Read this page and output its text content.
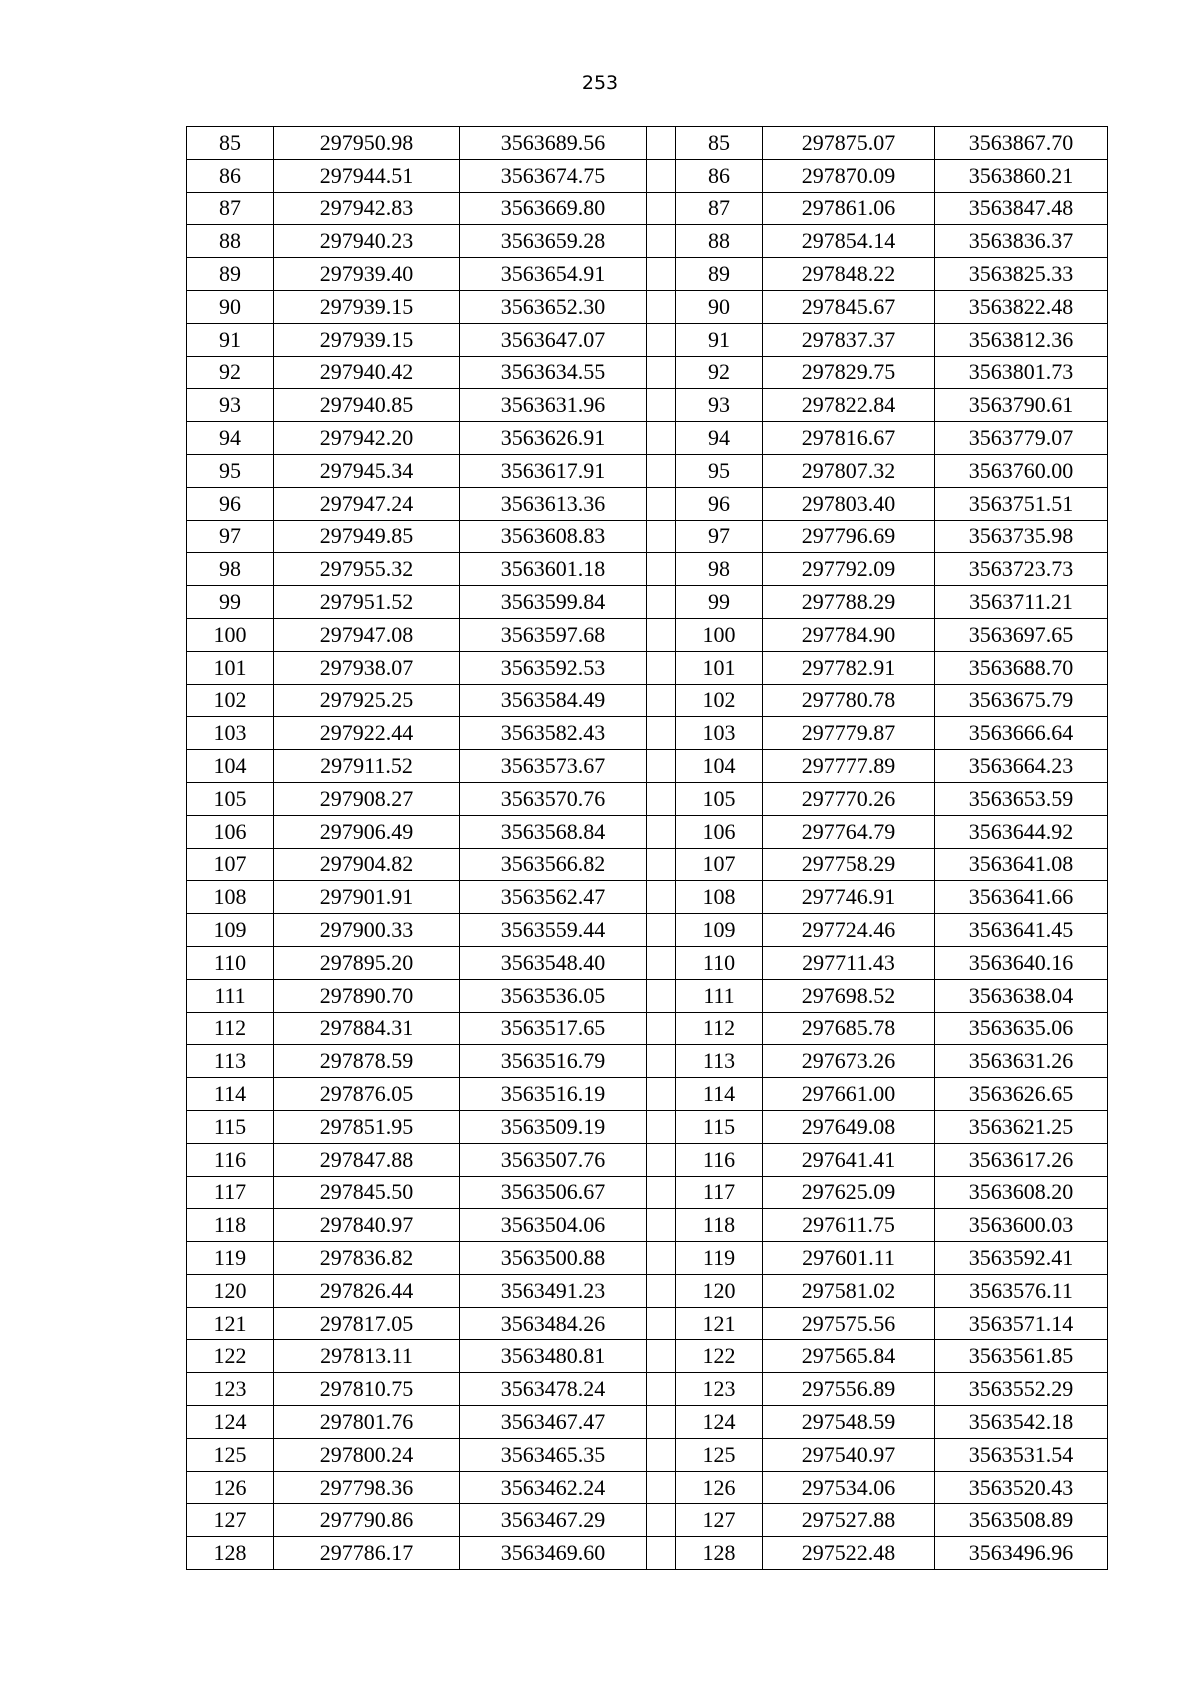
253
85	297950.98	3563689.56		85	297875.07	3563867.70
86	297944.51	3563674.75		86	297870.09	3563860.21
87	297942.83	3563669.80		87	297861.06	3563847.48
88	297940.23	3563659.28		88	297854.14	3563836.37
89	297939.40	3563654.91		89	297848.22	3563825.33
90	297939.15	3563652.30		90	297845.67	3563822.48
91	297939.15	3563647.07		91	297837.37	3563812.36
92	297940.42	3563634.55		92	297829.75	3563801.73
93	297940.85	3563631.96		93	297822.84	3563790.61
94	297942.20	3563626.91		94	297816.67	3563779.07
95	297945.34	3563617.91		95	297807.32	3563760.00
96	297947.24	3563613.36		96	297803.40	3563751.51
97	297949.85	3563608.83		97	297796.69	3563735.98
98	297955.32	3563601.18		98	297792.09	3563723.73
99	297951.52	3563599.84		99	297788.29	3563711.21
100	297947.08	3563597.68		100	297784.90	3563697.65
101	297938.07	3563592.53		101	297782.91	3563688.70
102	297925.25	3563584.49		102	297780.78	3563675.79
103	297922.44	3563582.43		103	297779.87	3563666.64
104	297911.52	3563573.67		104	297777.89	3563664.23
105	297908.27	3563570.76		105	297770.26	3563653.59
106	297906.49	3563568.84		106	297764.79	3563644.92
107	297904.82	3563566.82		107	297758.29	3563641.08
108	297901.91	3563562.47		108	297746.91	3563641.66
109	297900.33	3563559.44		109	297724.46	3563641.45
110	297895.20	3563548.40		110	297711.43	3563640.16
111	297890.70	3563536.05		111	297698.52	3563638.04
112	297884.31	3563517.65		112	297685.78	3563635.06
113	297878.59	3563516.79		113	297673.26	3563631.26
114	297876.05	3563516.19		114	297661.00	3563626.65
115	297851.95	3563509.19		115	297649.08	3563621.25
116	297847.88	3563507.76		116	297641.41	3563617.26
117	297845.50	3563506.67		117	297625.09	3563608.20
118	297840.97	3563504.06		118	297611.75	3563600.03
119	297836.82	3563500.88		119	297601.11	3563592.41
120	297826.44	3563491.23		120	297581.02	3563576.11
121	297817.05	3563484.26		121	297575.56	3563571.14
122	297813.11	3563480.81		122	297565.84	3563561.85
123	297810.75	3563478.24		123	297556.89	3563552.29
124	297801.76	3563467.47		124	297548.59	3563542.18
125	297800.24	3563465.35		125	297540.97	3563531.54
126	297798.36	3563462.24		126	297534.06	3563520.43
127	297790.86	3563467.29		127	297527.88	3563508.89
128	297786.17	3563469.60		128	297522.48	3563496.96
